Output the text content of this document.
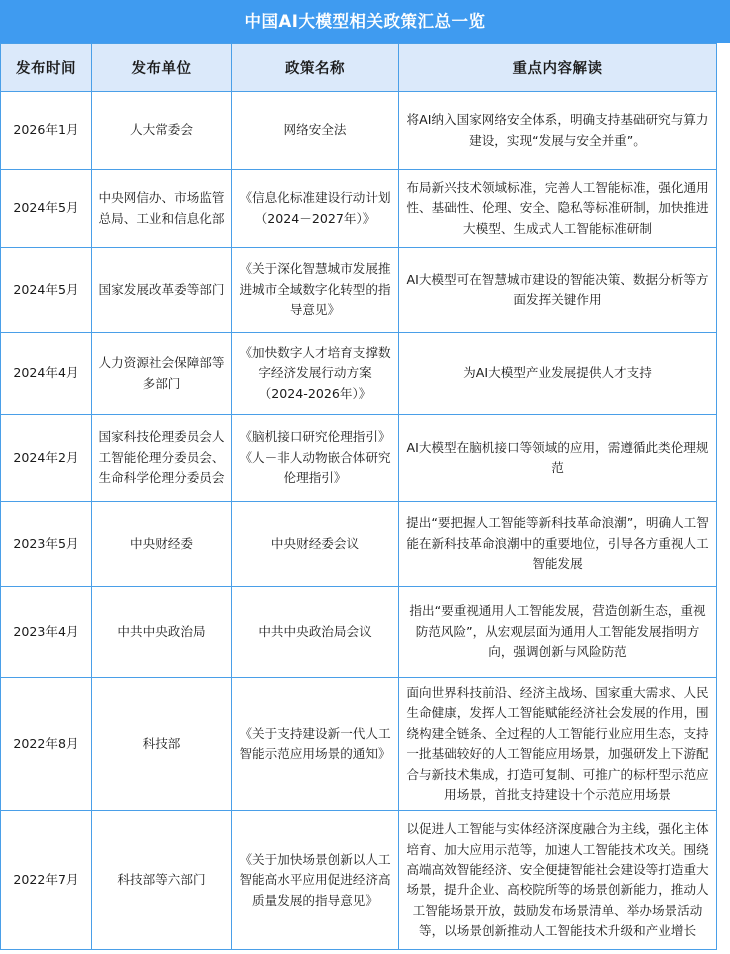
中国AI大模型相关政策汇总一览
发布时间	发布单位	政策名称	重点内容解读
2026年1月	人大常委会	网络安全法	将AI纳入国家网络安全体系，明确支持基础研究与算力建设，实现“发展与安全并重”。
2024年5月	中央网信办、市场监管总局、工业和信息化部	《信息化标准建设行动计划（2024－2027年）》	布局新兴技术领域标准，完善人工智能标准，强化通用性、基础性、伦理、安全、隐私等标准研制，加快推进大模型、生成式人工智能标准研制
2024年5月	国家发展改革委等部门	《关于深化智慧城市发展推进城市全域数字化转型的指导意见》	AI大模型可在智慧城市建设的智能决策、数据分析等方面发挥关键作用
2024年4月	人力资源社会保障部等多部门	《加快数字人才培育支撑数字经济发展行动方案（2024-2026年）》	为AI大模型产业发展提供人才支持
2024年2月	国家科技伦理委员会人工智能伦理分委员会、生命科学伦理分委员会	《脑机接口研究伦理指引》《人－非人动物嵌合体研究伦理指引》	AI大模型在脑机接口等领域的应用，需遵循此类伦理规范
2023年5月	中央财经委	中央财经委会议	提出“要把握人工智能等新科技革命浪潮”，明确人工智能在新科技革命浪潮中的重要地位，引导各方重视人工智能发展
2023年4月	中共中央政治局	中共中央政治局会议	指出“要重视通用人工智能发展，营造创新生态，重视防范风险”，从宏观层面为通用人工智能发展指明方向，强调创新与风险防范
2022年8月	科技部	《关于支持建设新一代人工智能示范应用场景的通知》	面向世界科技前沿、经济主战场、国家重大需求、人民生命健康，发挥人工智能赋能经济社会发展的作用，围绕构建全链条、全过程的人工智能行业应用生态，支持一批基础较好的人工智能应用场景，加强研发上下游配合与新技术集成，打造可复制、可推广的标杆型示范应用场景，首批支持建设十个示范应用场景
2022年7月	科技部等六部门	《关于加快场景创新以人工智能高水平应用促进经济高质量发展的指导意见》	以促进人工智能与实体经济深度融合为主线，强化主体培育、加大应用示范等，加速人工智能技术攻关。围绕高端高效智能经济、安全便捷智能社会建设等打造重大场景，提升企业、高校院所等的场景创新能力，推动人工智能场景开放，鼓励发布场景清单、举办场景活动等，以场景创新推动人工智能技术升级和产业增长
